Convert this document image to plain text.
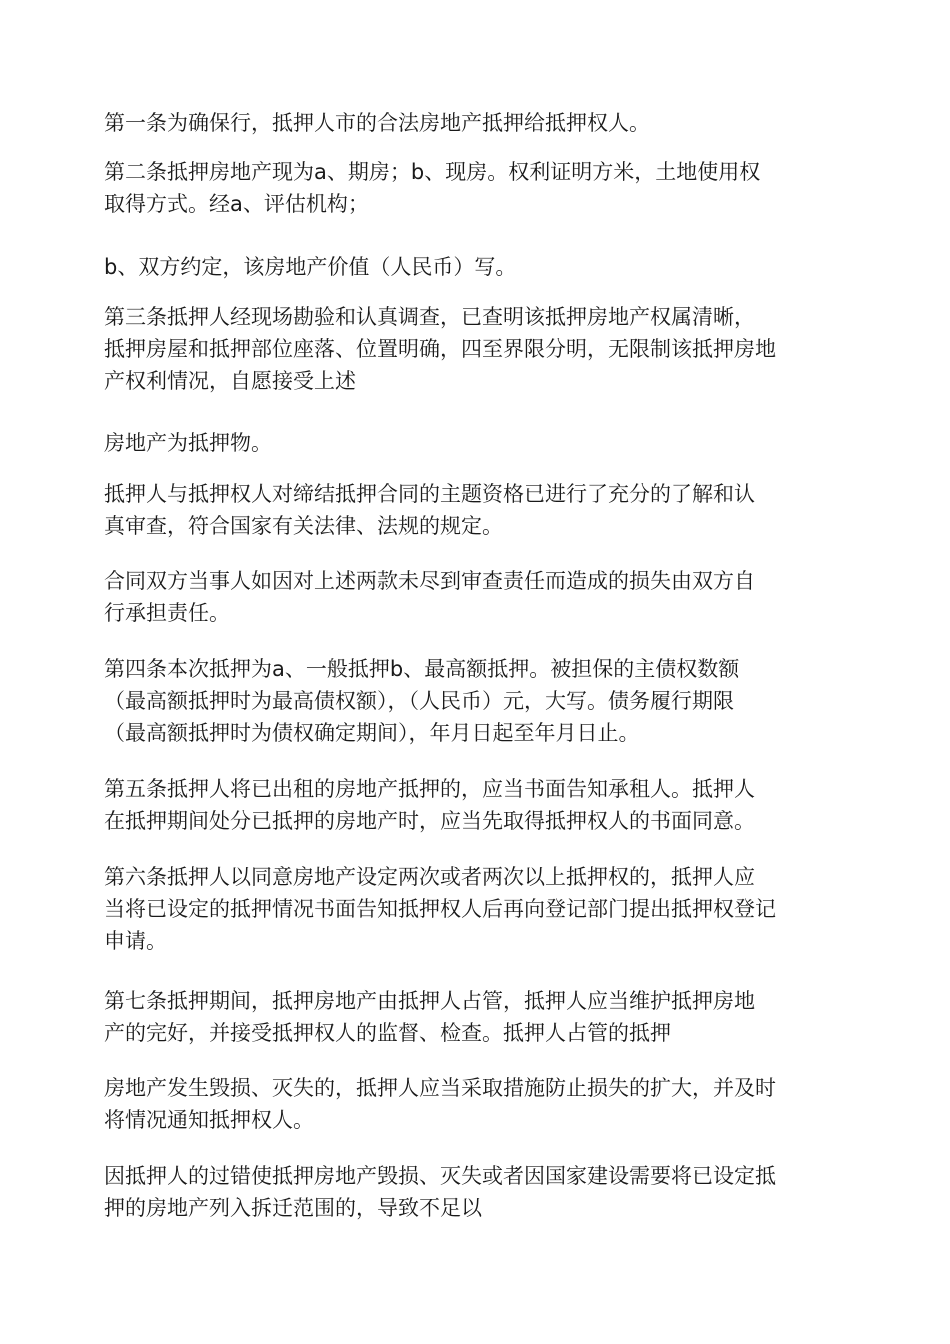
第一条为确保行，抵押人市的合法房地产抵押给抵押权人。

第二条抵押房地产现为a、期房；b、现房。权利证明方米，土地使用权
取得方式。经a、评估机构；

b、双方约定，该房地产价值（人民币）写。

第三条抵押人经现场勘验和认真调查，已查明该抵押房地产权属清晰，
抵押房屋和抵押部位座落、位置明确，四至界限分明，无限制该抵押房地
产权利情况，自愿接受上述

房地产为抵押物。

抵押人与抵押权人对缔结抵押合同的主题资格已进行了充分的了解和认
真审查，符合国家有关法律、法规的规定。

合同双方当事人如因对上述两款未尽到审查责任而造成的损失由双方自
行承担责任。

第四条本次抵押为a、一般抵押b、最高额抵押。被担保的主债权数额
（最高额抵押时为最高债权额），（人民币）元，大写。债务履行期限
（最高额抵押时为债权确定期间），年月日起至年月日止。

第五条抵押人将已出租的房地产抵押的，应当书面告知承租人。抵押人
在抵押期间处分已抵押的房地产时，应当先取得抵押权人的书面同意。

第六条抵押人以同意房地产设定两次或者两次以上抵押权的，抵押人应
当将已设定的抵押情况书面告知抵押权人后再向登记部门提出抵押权登记
申请。

第七条抵押期间，抵押房地产由抵押人占管，抵押人应当维护抵押房地
产的完好，并接受抵押权人的监督、检查。抵押人占管的抵押

房地产发生毁损、灭失的，抵押人应当采取措施防止损失的扩大，并及时
将情况通知抵押权人。

因抵押人的过错使抵押房地产毁损、灭失或者因国家建设需要将已设定抵
押的房地产列入拆迁范围的，导致不足以
